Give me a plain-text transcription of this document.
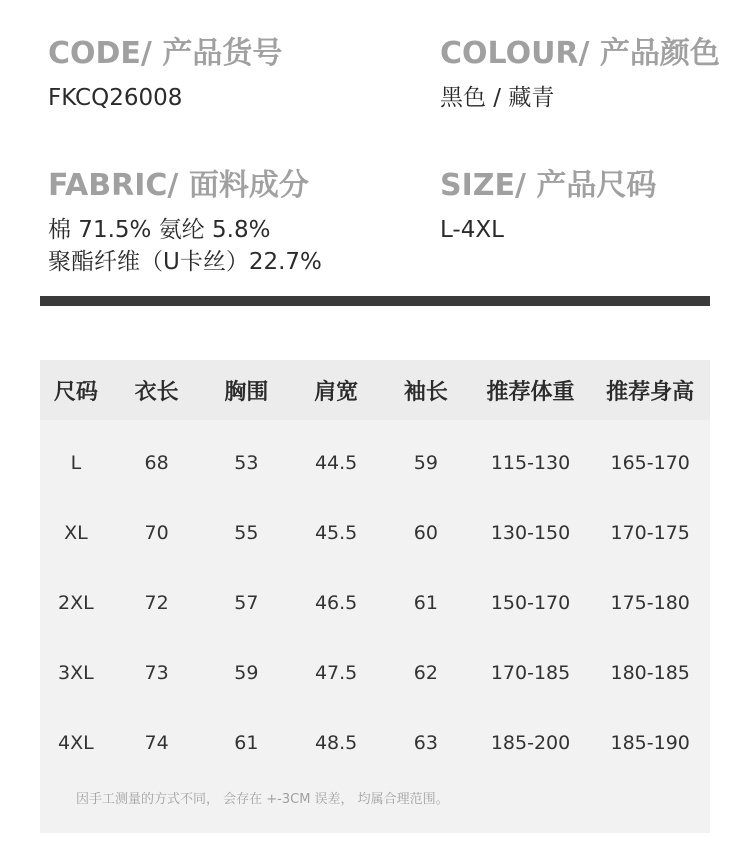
CODE/ 产品货号
FKCQ26008
COLOUR/ 产品颜色
黑色 / 藏青
FABRIC/ 面料成分
棉 71.5% 氨纶 5.8%
聚酯纤维（U卡丝）22.7%
SIZE/ 产品尺码
L-4XL
尺码	衣长	胸围	肩宽	袖长	推荐体重	推荐身高
L	68	53	44.5	59	115-130	165-170
XL	70	55	45.5	60	130-150	170-175
2XL	72	57	46.5	61	150-170	175-180
3XL	73	59	47.5	62	170-185	180-185
4XL	74	61	48.5	63	185-200	185-190
因手工测量的方式不同， 会存在 +-3CM 误差， 均属合理范围。
